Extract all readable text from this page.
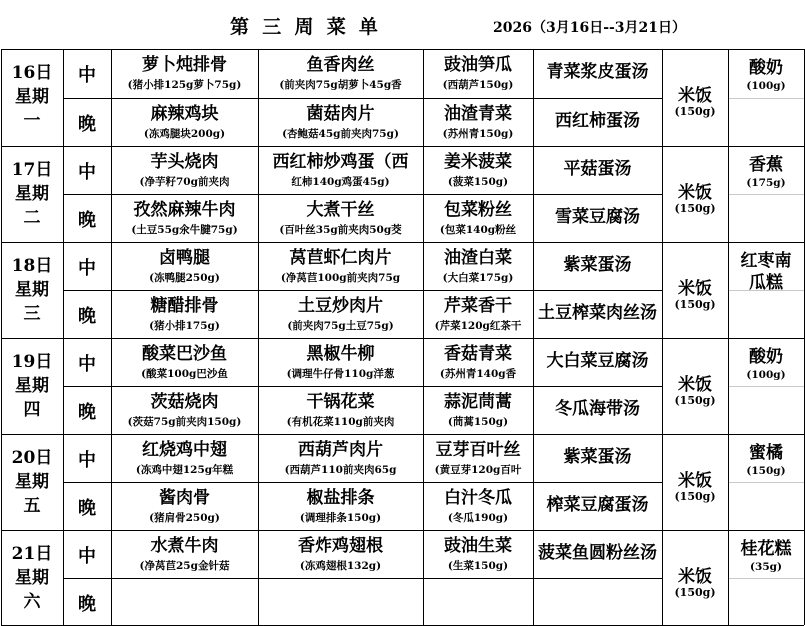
第  三  周  菜  单	2026（3月16日--3月21日）
16日
星期一
中
晚
萝卜炖排骨
(猪小排125g萝卜75g)
鱼香肉丝
(前夹肉75g胡萝卜45g香
豉油笋瓜
(西葫芦150g)
青菜浆皮蛋汤
麻辣鸡块
(冻鸡腿块200g)
菌菇肉片
(杏鲍菇45g前夹肉75g)
油渣青菜
(苏州青150g)
西红柿蛋汤
米饭
(150g)
酸奶
(100g)
17日
星期二
中
晚
芋头烧肉
(净芋籽70g前夹肉
西红柿炒鸡蛋（西
红柿140g鸡蛋45g)
姜米菠菜
(菠菜150g)
平菇蛋汤
孜然麻辣牛肉
(土豆55g氽牛腱75g)
大煮干丝
(百叶丝35g前夹肉50g茭
包菜粉丝
(包菜140g粉丝
雪菜豆腐汤
米饭
(150g)
香蕉
(175g)
18日
星期三
中
晚
卤鸭腿
(冻鸭腿250g)
莴苣虾仁肉片
(净莴苣100g前夹肉75g
油渣白菜
(大白菜175g)
紫菜蛋汤
糖醋排骨
(猪小排175g)
土豆炒肉片
(前夹肉75g土豆75g)
芹菜香干
(芹菜120g红茶干
土豆榨菜肉丝汤
米饭
(150g)
红枣南瓜糕
19日
星期四
中
晚
酸菜巴沙鱼
(酸菜100g巴沙鱼
黑椒牛柳
(调理牛仔骨110g洋葱
香菇青菜
(苏州青140g香
大白菜豆腐汤
茨菇烧肉
(茨菇75g前夹肉150g)
干锅花菜
(有机花菜110g前夹肉
蒜泥茼蒿
(茼蒿150g)
冬瓜海带汤
米饭
(150g)
酸奶
(100g)
20日
星期五
中
晚
红烧鸡中翅
(冻鸡中翅125g年糕
西葫芦肉片
(西葫芦110前夹肉65g
豆芽百叶丝
(黄豆芽120g百叶
紫菜蛋汤
酱肉骨
(猪肩骨250g)
椒盐排条
(调理排条150g)
白汁冬瓜
(冬瓜190g)
榨菜豆腐蛋汤
米饭
(150g)
蜜橘
(150g)
21日
星期六
中
晚
水煮牛肉
(净莴苣25g金针菇
香炸鸡翅根
(冻鸡翅根132g)
豉油生菜
(生菜150g)
菠菜鱼圆粉丝汤
米饭
(150g)
桂花糕
(35g)
